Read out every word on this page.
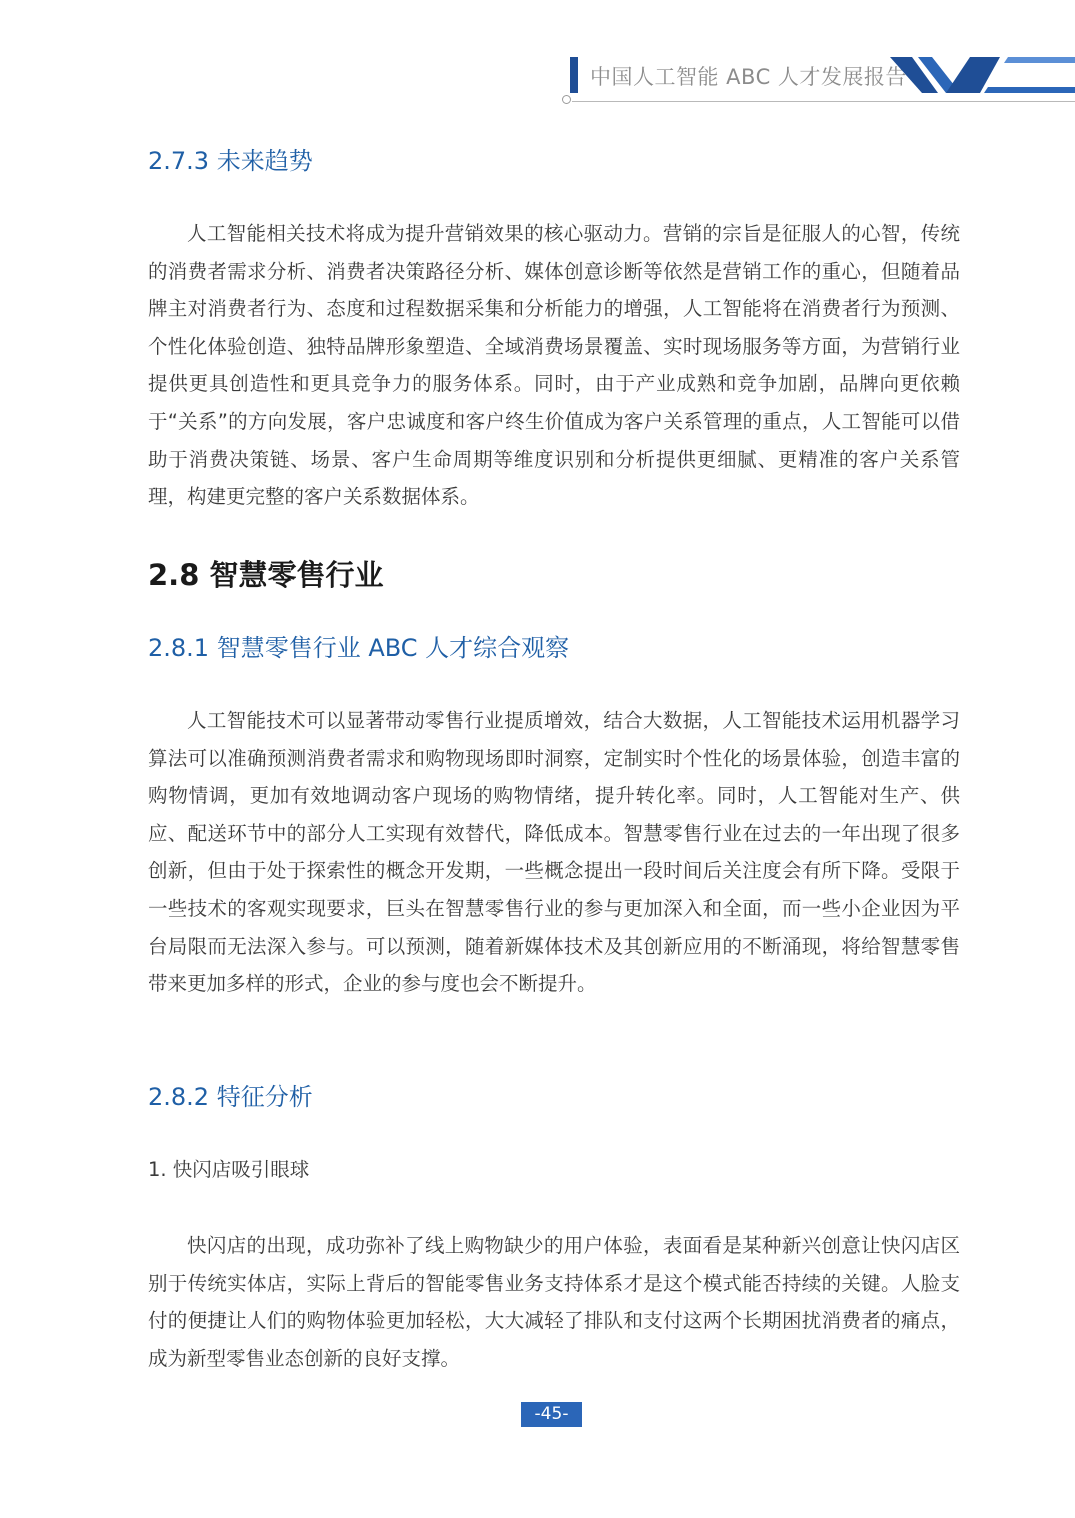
中国人工智能 ABC 人才发展报告
2.7.3 未来趋势

人工智能相关技术将成为提升营销效果的核心驱动力。营销的宗旨是征服人的心智，传统的消费者需求分析、消费者决策路径分析、媒体创意诊断等依然是营销工作的重心，但随着品牌主对消费者行为、态度和过程数据采集和分析能力的增强，人工智能将在消费者行为预测、个性化体验创造、独特品牌形象塑造、全域消费场景覆盖、实时现场服务等方面，为营销行业提供更具创造性和更具竞争力的服务体系。同时，由于产业成熟和竞争加剧，品牌向更依赖于“关系”的方向发展，客户忠诚度和客户终生价值成为客户关系管理的重点，人工智能可以借助于消费决策链、场景、客户生命周期等维度识别和分析提供更细腻、更精准的客户关系管理，构建更完整的客户关系数据体系。

2.8 智慧零售行业
2.8.1 智慧零售行业 ABC 人才综合观察

人工智能技术可以显著带动零售行业提质增效，结合大数据，人工智能技术运用机器学习算法可以准确预测消费者需求和购物现场即时洞察，定制实时个性化的场景体验，创造丰富的购物情调，更加有效地调动客户现场的购物情绪，提升转化率。同时，人工智能对生产、供应、配送环节中的部分人工实现有效替代，降低成本。智慧零售行业在过去的一年出现了很多创新，但由于处于探索性的概念开发期，一些概念提出一段时间后关注度会有所下降。受限于一些技术的客观实现要求，巨头在智慧零售行业的参与更加深入和全面，而一些小企业因为平台局限而无法深入参与。可以预测，随着新媒体技术及其创新应用的不断涌现，将给智慧零售带来更加多样的形式，企业的参与度也会不断提升。

2.8.2 特征分析
1. 快闪店吸引眼球

快闪店的出现，成功弥补了线上购物缺少的用户体验，表面看是某种新兴创意让快闪店区别于传统实体店，实际上背后的智能零售业务支持体系才是这个模式能否持续的关键。人脸支付的便捷让人们的购物体验更加轻松，大大减轻了排队和支付这两个长期困扰消费者的痛点，成为新型零售业态创新的良好支撑。

-45-
